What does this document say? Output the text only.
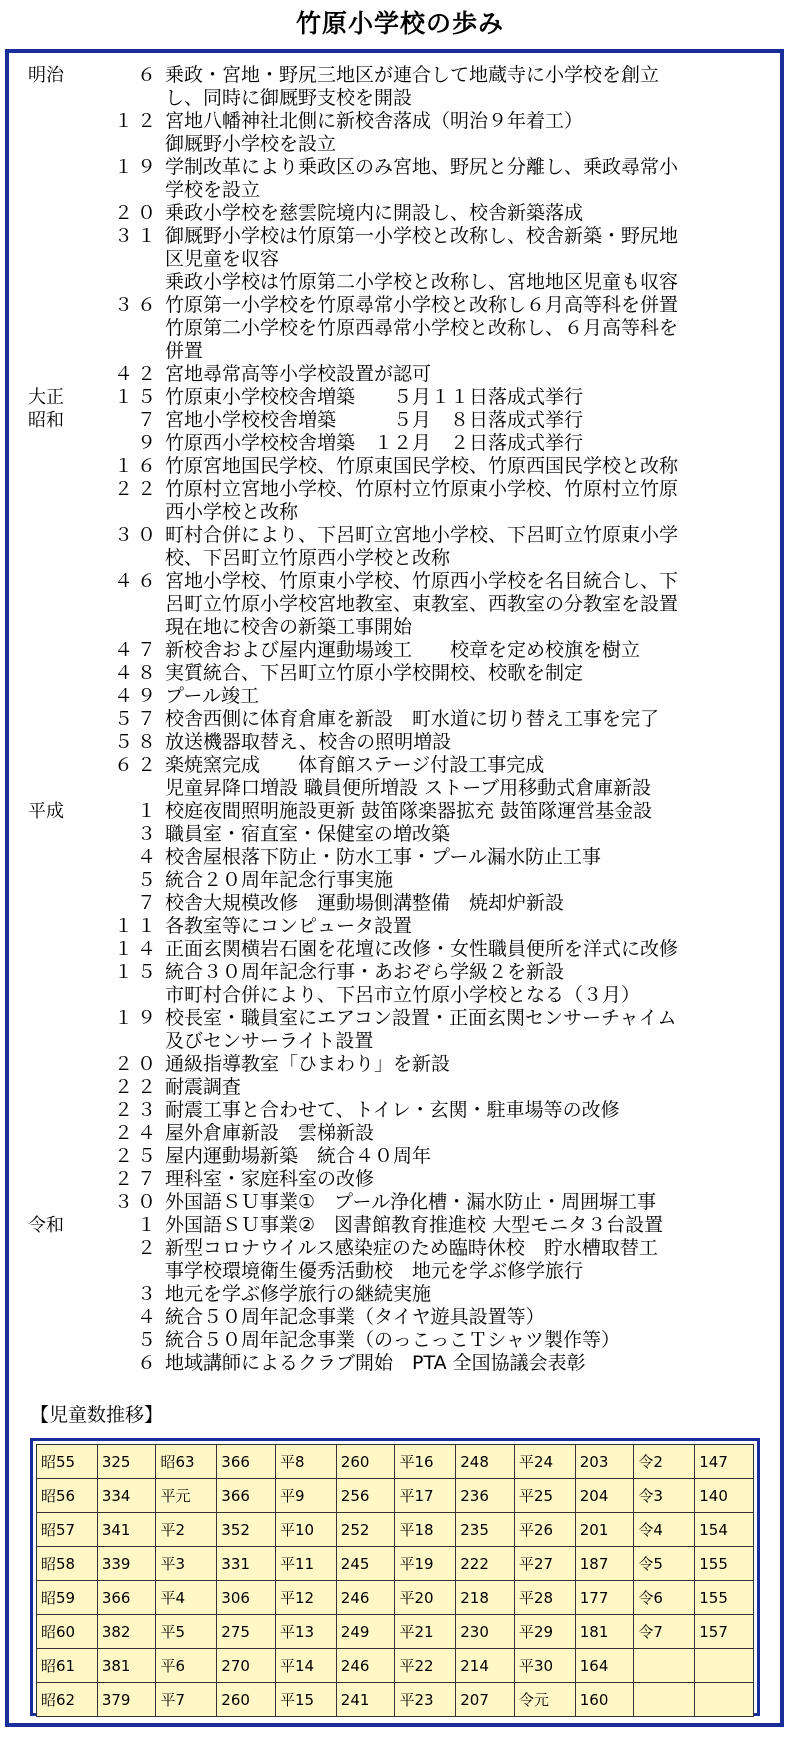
竹原小学校の歩み
明治	６ 乗政・宮地・野尻三地区が連合して地蔵寺に小学校を創立
し、同時に御厩野支校を開設
１２ 宮地八幡神社北側に新校舎落成（明治９年着工）
御厩野小学校を設立
１９ 学制改革により乗政区のみ宮地、野尻と分離し、乗政尋常小
学校を設立
２０ 乗政小学校を慈雲院境内に開設し、校舎新築落成
３１ 御厩野小学校は竹原第一小学校と改称し、校舎新築・野尻地
区児童を収容
乗政小学校は竹原第二小学校と改称し、宮地地区児童も収容
３６ 竹原第一小学校を竹原尋常小学校と改称し６月高等科を併置
竹原第二小学校を竹原西尋常小学校と改称し、６月高等科を
併置
４２ 宮地尋常高等小学校設置が認可
大正	１５ 竹原東小学校校舎増築　　５月１１日落成式挙行
昭和	７ 宮地小学校校舎増築　　　５月　８日落成式挙行
９ 竹原西小学校校舎増築　１２月　２日落成式挙行
１６ 竹原宮地国民学校、竹原東国民学校、竹原西国民学校と改称
２２ 竹原村立宮地小学校、竹原村立竹原東小学校、竹原村立竹原
西小学校と改称
３０ 町村合併により、下呂町立宮地小学校、下呂町立竹原東小学
校、下呂町立竹原西小学校と改称
４６ 宮地小学校、竹原東小学校、竹原西小学校を名目統合し、下
呂町立竹原小学校宮地教室、東教室、西教室の分教室を設置
現在地に校舎の新築工事開始
４７ 新校舎および屋内運動場竣工　　校章を定め校旗を樹立
４８ 実質統合、下呂町立竹原小学校開校、校歌を制定
４９ プール竣工
５７ 校舎西側に体育倉庫を新設　町水道に切り替え工事を完了
５８ 放送機器取替え、校舎の照明増設
６２ 楽焼窯完成　　体育館ステージ付設工事完成
児童昇降口増設 職員便所増設 ストーブ用移動式倉庫新設
平成	１ 校庭夜間照明施設更新 鼓笛隊楽器拡充 鼓笛隊運営基金設
３ 職員室・宿直室・保健室の増改築
４ 校舎屋根落下防止・防水工事・プール漏水防止工事
５ 統合２０周年記念行事実施
７ 校舎大規模改修　運動場側溝整備　焼却炉新設
１１ 各教室等にコンピュータ設置
１４ 正面玄関横岩石園を花壇に改修・女性職員便所を洋式に改修
１５ 統合３０周年記念行事・あおぞら学級２を新設
市町村合併により、下呂市立竹原小学校となる（３月）
１９ 校長室・職員室にエアコン設置・正面玄関センサーチャイム
及びセンサーライト設置
２０ 通級指導教室「ひまわり」を新設
２２ 耐震調査
２３ 耐震工事と合わせて、トイレ・玄関・駐車場等の改修
２４ 屋外倉庫新設　雲梯新設
２５ 屋内運動場新築　統合４０周年
２７ 理科室・家庭科室の改修
３０ 外国語ＳＵ事業①　プール浄化槽・漏水防止・周囲塀工事
令和	１ 外国語ＳＵ事業②　図書館教育推進校 大型モニタ３台設置
２ 新型コロナウイルス感染症のため臨時休校　貯水槽取替工
事学校環境衛生優秀活動校　地元を学ぶ修学旅行
３ 地元を学ぶ修学旅行の継続実施
４ 統合５０周年記念事業（タイヤ遊具設置等）
５ 統合５０周年記念事業（のっこっこＴシャツ製作等）
６ 地域講師によるクラブ開始　PTA 全国協議会表彰
【児童数推移】
昭55	325	昭63	366	平8	260	平16	248	平24	203	令2	147
昭56	334	平元	366	平9	256	平17	236	平25	204	令3	140
昭57	341	平2	352	平10	252	平18	235	平26	201	令4	154
昭58	339	平3	331	平11	245	平19	222	平27	187	令5	155
昭59	366	平4	306	平12	246	平20	218	平28	177	令6	155
昭60	382	平5	275	平13	249	平21	230	平29	181	令7	157
昭61	381	平6	270	平14	246	平22	214	平30	164		
昭62	379	平7	260	平15	241	平23	207	令元	160		
